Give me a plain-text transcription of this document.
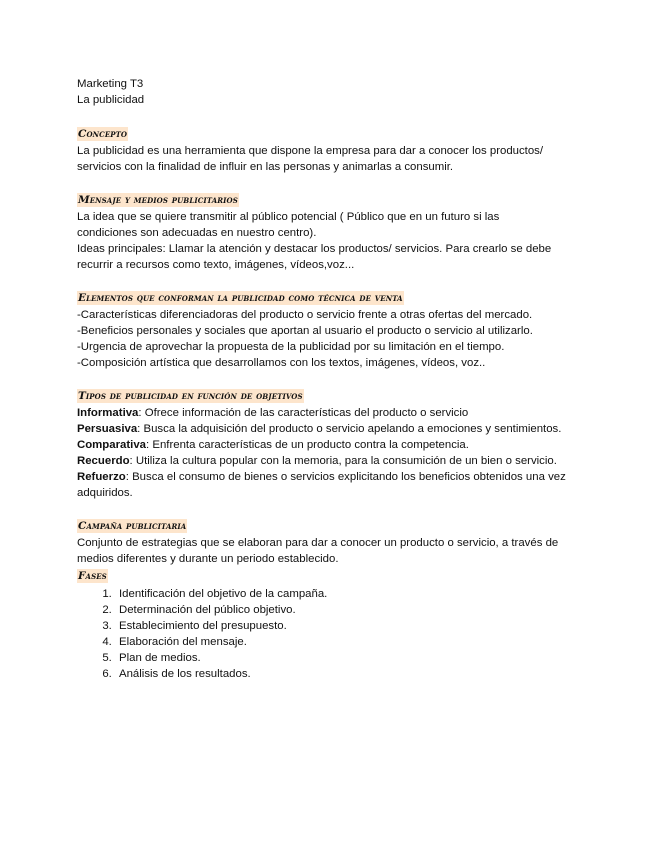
Marketing T3
La publicidad
Concepto
La publicidad es una herramienta que dispone la empresa para dar a conocer los productos/
servicios con la finalidad de influir en las personas y animarlas a consumir.
Mensaje y medios publicitarios
La idea que se quiere transmitir al público potencial ( Público que en un futuro si las
condiciones son adecuadas en nuestro centro).
Ideas principales: Llamar la atención y destacar los productos/ servicios. Para crearlo se debe
recurrir a recursos como texto, imágenes, vídeos,voz...
Elementos que conforman la publicidad como técnica de venta
-Características diferenciadoras del producto o servicio frente a otras ofertas del mercado.
-Beneficios personales y sociales que aportan al usuario el producto o servicio al utilizarlo.
-Urgencia de aprovechar la propuesta de la publicidad por su limitación en el tiempo.
-Composición artística que desarrollamos con los textos, imágenes, vídeos, voz..
Tipos de publicidad en función de objetivos
Informativa: Ofrece información de las características del producto o servicio
Persuasiva: Busca la adquisición del producto o servicio apelando a emociones y sentimientos.
Comparativa: Enfrenta características de un producto contra la competencia.
Recuerdo: Utiliza la cultura popular con la memoria, para la consumición de un bien o servicio.
Refuerzo: Busca el consumo de bienes o servicios explicitando los beneficios obtenidos una vez adquiridos.
Campaña publicitaria
Conjunto de estrategias que se elaboran para dar a conocer un producto o servicio, a través de
medios diferentes y durante un periodo establecido.
Fases
1. Identificación del objetivo de la campaña.
2. Determinación del público objetivo.
3. Establecimiento del presupuesto.
4. Elaboración del mensaje.
5. Plan de medios.
6. Análisis de los resultados.
